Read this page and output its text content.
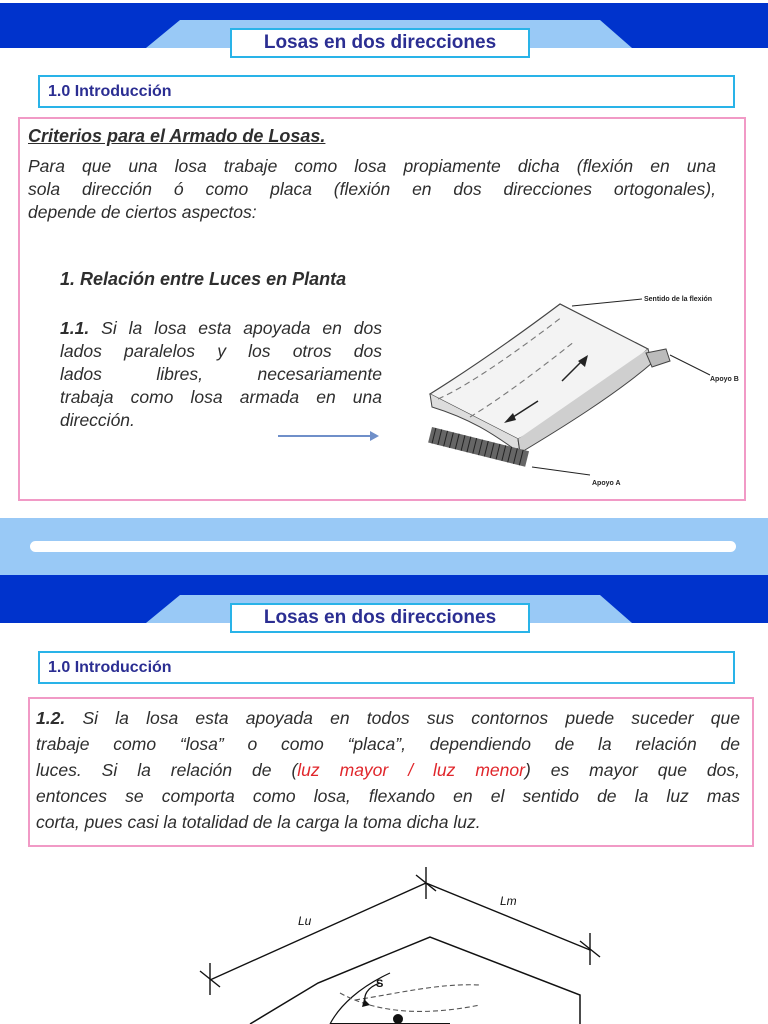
Losas en dos direcciones
1.0 Introducción
Criterios para el Armado de Losas.
Para que una losa trabaje como losa propiamente dicha (flexión en una
sola dirección ó como placa (flexión en dos direcciones ortogonales),
depende de ciertos aspectos:
1. Relación entre Luces en Planta
1.1. Si la losa esta apoyada en dos
lados paralelos y los otros dos
lados libres, necesariamente
trabaja como losa armada en una
dirección.
Sentido de la flexión
Apoyo B
Apoyo A
Losas en dos direcciones
1.0 Introducción
1.2. Si la losa esta apoyada en todos sus contornos puede suceder que
trabaje como “losa” o como “placa”, dependiendo de la relación de
luces. Si la relación de (luz mayor / luz menor) es mayor que dos,
entonces se comporta como losa, flexando en el sentido de la luz mas
corta, pues casi la totalidad de la carga la toma dicha luz.
Lu
Lm
S
